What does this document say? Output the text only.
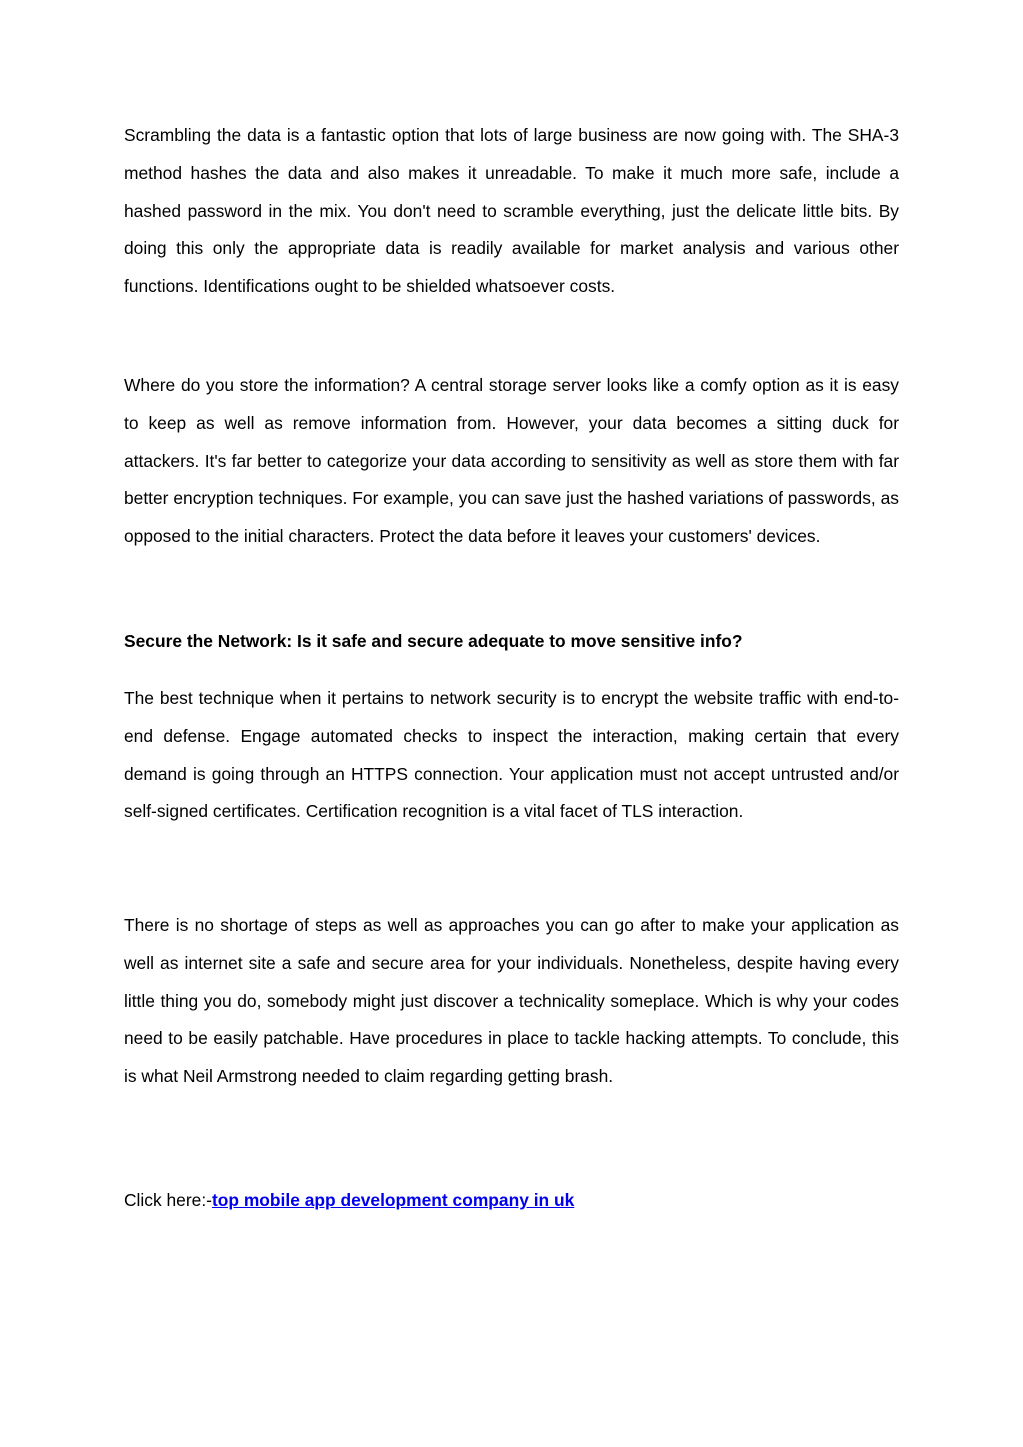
Scrambling the data is a fantastic option that lots of large business are now going with. The SHA-3 method hashes the data and also makes it unreadable. To make it much more safe, include a hashed password in the mix. You don't need to scramble everything, just the delicate little bits. By doing this only the appropriate data is readily available for market analysis and various other functions. Identifications ought to be shielded whatsoever costs.

Where do you store the information? A central storage server looks like a comfy option as it is easy to keep as well as remove information from. However, your data becomes a sitting duck for attackers. It's far better to categorize your data according to sensitivity as well as store them with far better encryption techniques. For example, you can save just the hashed variations of passwords, as opposed to the initial characters. Protect the data before it leaves your customers' devices.

Secure the Network: Is it safe and secure adequate to move sensitive info?

The best technique when it pertains to network security is to encrypt the website traffic with end-to-end defense. Engage automated checks to inspect the interaction, making certain that every demand is going through an HTTPS connection. Your application must not accept untrusted and/or self-signed certificates. Certification recognition is a vital facet of TLS interaction.

There is no shortage of steps as well as approaches you can go after to make your application as well as internet site a safe and secure area for your individuals. Nonetheless, despite having every little thing you do, somebody might just discover a technicality someplace. Which is why your codes need to be easily patchable. Have procedures in place to tackle hacking attempts. To conclude, this is what Neil Armstrong needed to claim regarding getting brash.

Click here:-top mobile app development company in uk
